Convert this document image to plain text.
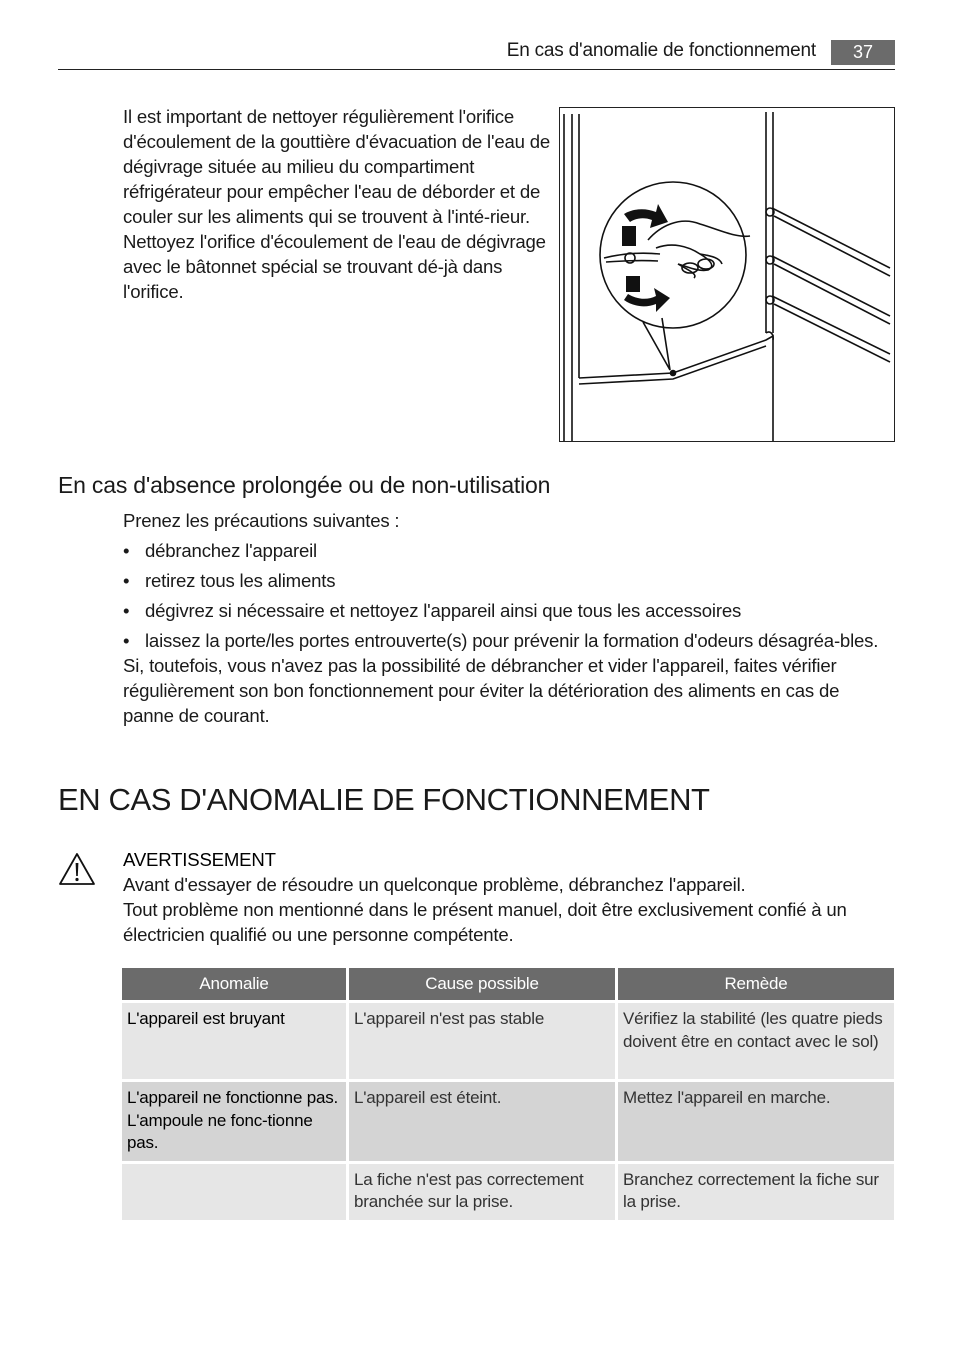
En cas d'anomalie de fonctionnement	37
Il est important de nettoyer régulièrement l'orifice d'écoulement de la gouttière d'évacuation de l'eau de dégivrage située au milieu du compartiment réfrigérateur pour empêcher l'eau de déborder et de couler sur les aliments qui se trouvent à l'inté-rieur. Nettoyez l'orifice d'écoulement de l'eau de dégivrage avec le bâtonnet spécial se trouvant dé-jà dans l'orifice.
En cas d'absence prolongée ou de non-utilisation

Prenez les précautions suivantes :

• débranchez l'appareil
• retirez tous les aliments
• dégivrez si nécessaire et nettoyez l'appareil ainsi que tous les accessoires
• laissez la porte/les portes entrouverte(s) pour prévenir la formation d'odeurs désagréa-bles.

Si, toutefois, vous n'avez pas la possibilité de débrancher et vider l'appareil, faites vérifier régulièrement son bon fonctionnement pour éviter la détérioration des aliments en cas de panne de courant.

EN CAS D'ANOMALIE DE FONCTIONNEMENT
AVERTISSEMENT
Avant d'essayer de résoudre un quelconque problème, débranchez l'appareil.
Tout problème non mentionné dans le présent manuel, doit être exclusivement confié à un électricien qualifié ou une personne compétente.
Anomalie	Cause possible	Remède
L'appareil est bruyant	L'appareil n'est pas stable	Vérifiez la stabilité (les quatre pieds doivent être en contact avec le sol)
L'appareil ne fonctionne pas. L'ampoule ne fonc-tionne pas.	L'appareil est éteint.	Mettez l'appareil en marche.
	La fiche n'est pas correctement branchée sur la prise.	Branchez correctement la fiche sur la prise.
